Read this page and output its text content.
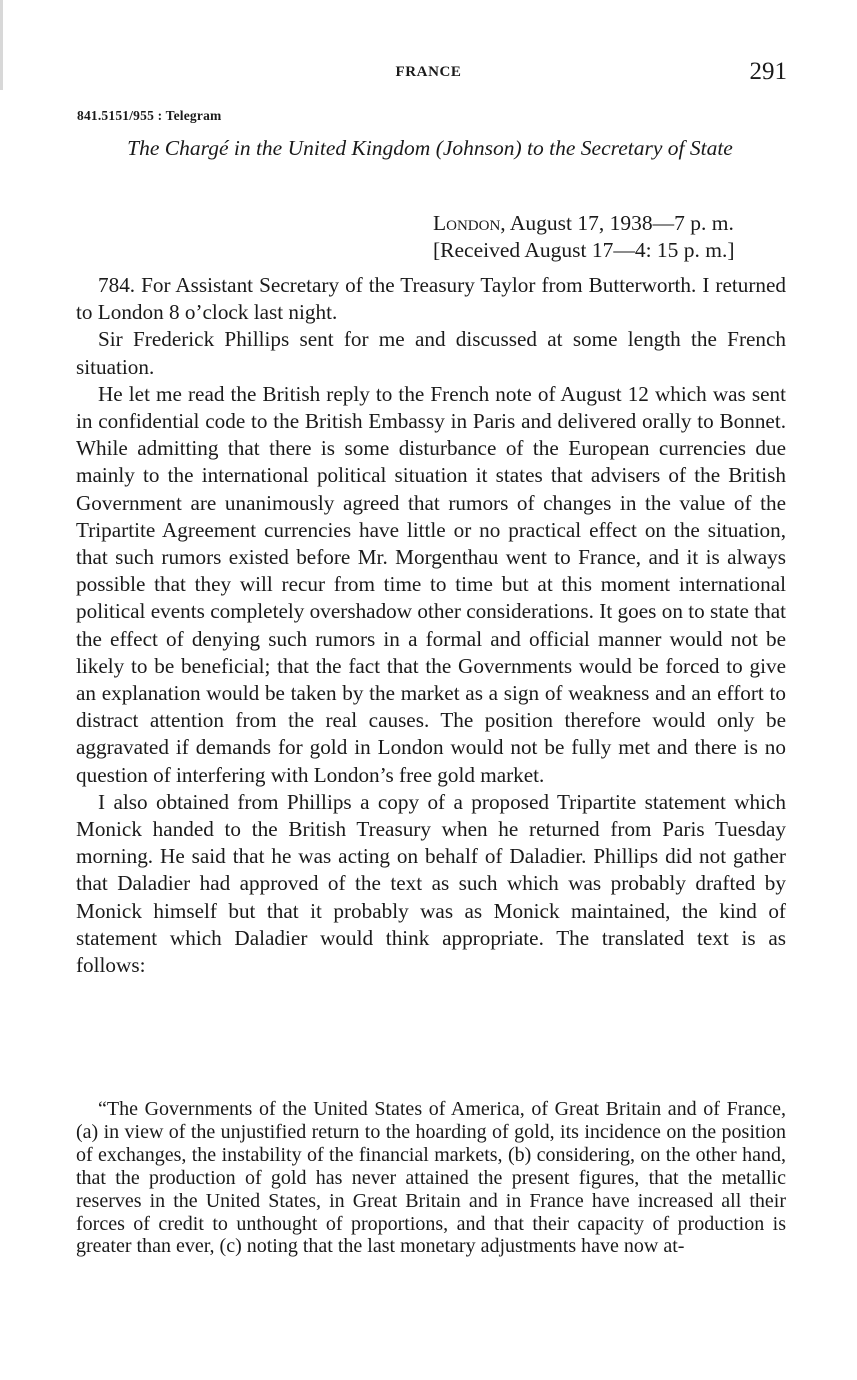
FRANCE	291
841.5151/955 : Telegram
The Chargé in the United Kingdom (Johnson) to the Secretary of State
London, August 17, 1938—7 p. m.
[Received August 17—4: 15 p. m.]

784. For Assistant Secretary of the Treasury Taylor from Butterworth. I returned to London 8 o’clock last night.

Sir Frederick Phillips sent for me and discussed at some length the French situation.

He let me read the British reply to the French note of August 12 which was sent in confidential code to the British Embassy in Paris and delivered orally to Bonnet. While admitting that there is some disturbance of the European currencies due mainly to the international political situation it states that advisers of the British Government are unanimously agreed that rumors of changes in the value of the Tripartite Agreement currencies have little or no practical effect on the situation, that such rumors existed before Mr. Morgenthau went to France, and it is always possible that they will recur from time to time but at this moment international political events completely overshadow other considerations. It goes on to state that the effect of denying such rumors in a formal and official manner would not be likely to be beneficial; that the fact that the Governments would be forced to give an explanation would be taken by the market as a sign of weakness and an effort to distract attention from the real causes. The position therefore would only be aggravated if demands for gold in London would not be fully met and there is no question of interfering with London’s free gold market.

I also obtained from Phillips a copy of a proposed Tripartite statement which Monick handed to the British Treasury when he returned from Paris Tuesday morning. He said that he was acting on behalf of Daladier. Phillips did not gather that Daladier had approved of the text as such which was probably drafted by Monick himself but that it probably was as Monick maintained, the kind of statement which Daladier would think appropriate. The translated text is as follows:

“The Governments of the United States of America, of Great Britain and of France, (a) in view of the unjustified return to the hoarding of gold, its incidence on the position of exchanges, the instability of the financial markets, (b) considering, on the other hand, that the production of gold has never attained the present figures, that the metallic reserves in the United States, in Great Britain and in France have increased all their forces of credit to unthought of proportions, and that their capacity of production is greater than ever, (c) noting that the last monetary adjustments have now at-
